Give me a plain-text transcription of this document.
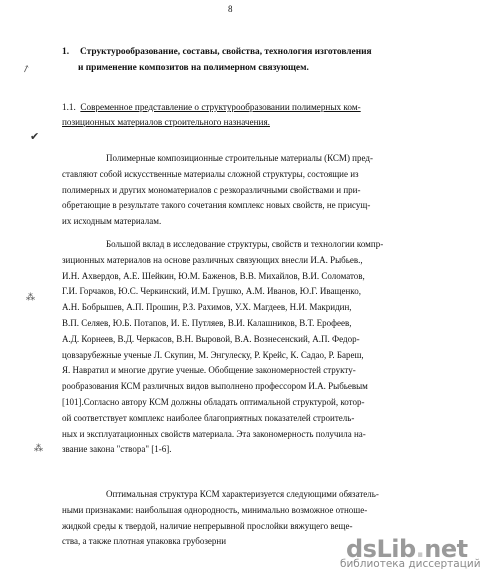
8
1. Структурообразование, составы, свойства, технология изготовления
и применение композитов на полимерном связующем.
1.1. Современное представление о структурообразовании полимерных ком-
позиционных материалов строительного назначения.
Полимерные композиционные строительные материалы (КСМ) пред-
ставляют собой искусственные материалы сложной структуры, состоящие из
полимерных и других мономатериалов с резкоразличными свойствами и при-
обретающие в результате такого сочетания комплекс новых свойств, не присущ-
их исходным материалам.
Большой вклад в исследование структуры, свойств и технологии компр-
зиционных материалов на основе различных связующих внесли И.А. Рыбьев.,
И.Н. Ахвердов, А.Е. Шейкин, Ю.М. Баженов, В.В. Михайлов, В.И. Соломатов,
Г.И. Горчаков, Ю.С. Черкинский, И.М. Грушко, А.М. Иванов, Ю.Г. Иващенко,
А.Н. Бобрышев, А.П. Прошин, Р.З. Рахимов, У.Х. Магдеев, Н.И. Макридин,
В.П. Селяев, Ю.Б. Потапов, И. Е. Путляев, В.И. Калашников, В.Т. Ерофеев,
А.Д. Корнеев, В.Д. Черкасов, В.Н. Выровой, В.А. Вознесенский, А.П. Федор-
цовзарубежные ученые Л. Скупин, М. Энгулеску, Р. Крейс, К. Садао, Р. Бареш,
Я. Навратил и многие другие ученые. Обобщение закономерностей структу-
рообразования КСМ различных видов выполнено профессором И.А. Рыбьевым
[101].Согласно автору КСМ должны обладать оптимальной структурой, котор-
ой соответствует комплекс наиболее благоприятных показателей строитель-
ных и эксплуатационных свойств материала. Эта закономерность получила на-
звание закона "створа" [1-6].
Оптимальная структура КСМ характеризуется следующими обязатель-
ными признаками: наибольшая однородность, минимально возможное отноше-
жидкой среды к твердой, наличие непрерывной прослойки вяжущего веще-
ства, а также плотная упаковка грубозерни
↗
✔
⁂
⁂
dsLib.net
библиотека диссертаций
